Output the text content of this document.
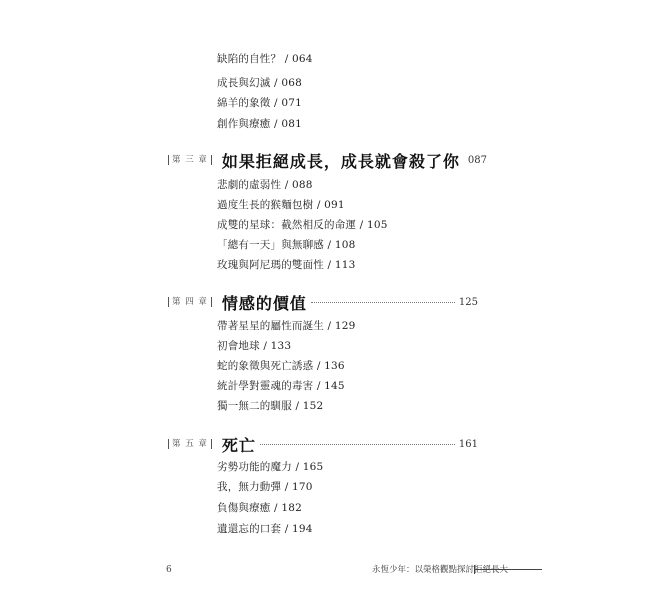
缺陷的自性？ / 064
成長與幻滅 / 068
綿羊的象徵 / 071
創作與療癒 / 081
第 三 章 如果拒絕成長，成長就會殺了你 087
悲劇的虛弱性 / 088
過度生長的猴麵包樹 / 091
成雙的星球：截然相反的命運 / 105
「總有一天」與無聊感 / 108
玫瑰與阿尼瑪的雙面性 / 113
第 四 章 情感的價值	125
帶著星星的屬性而誕生 / 129
初會地球 / 133
蛇的象徵與死亡誘惑 / 136
統計學對靈魂的毒害 / 145
獨一無二的馴服 / 152
第 五 章 死亡	161
劣勢功能的魔力 / 165
我，無力動彈 / 170
負傷與療癒 / 182
遺還忘的口套 / 194
6	永恆少年：以榮格觀點探討拒絕長大
